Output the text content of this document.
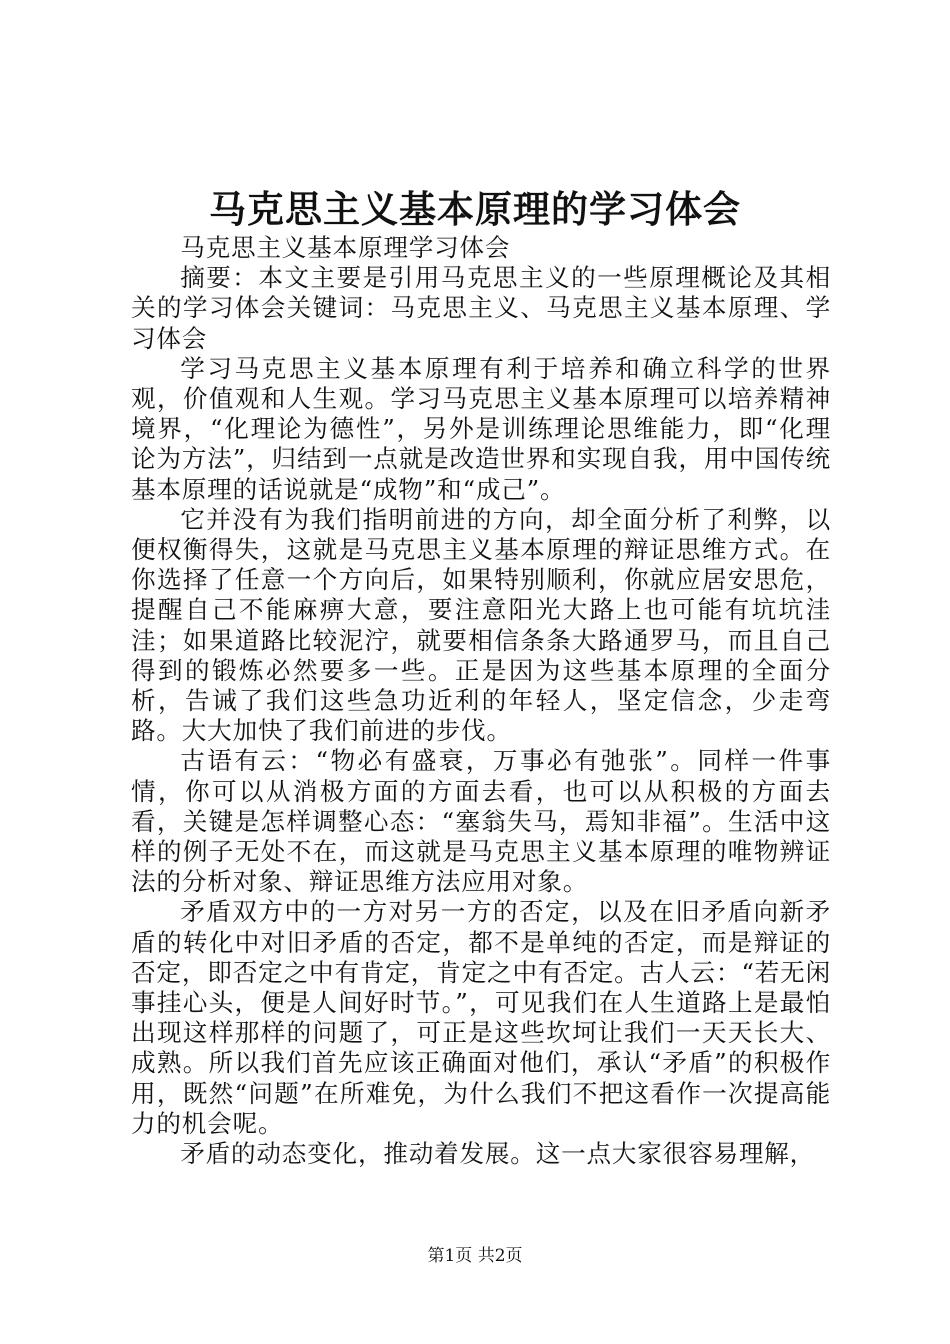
马克思主义基本原理的学习体会

马克思主义基本原理学习体会

摘要：本文主要是引用马克思主义的一些原理概论及其相关的学习体会关键词：马克思主义、马克思主义基本原理、学习体会

学习马克思主义基本原理有利于培养和确立科学的世界观，价值观和人生观。学习马克思主义基本原理可以培养精神境界，“化理论为德性”，另外是训练理论思维能力，即“化理论为方法”，归结到一点就是改造世界和实现自我，用中国传统基本原理的话说就是“成物”和“成己”。

它并没有为我们指明前进的方向，却全面分析了利弊，以便权衡得失，这就是马克思主义基本原理的辩证思维方式。在你选择了任意一个方向后，如果特别顺利，你就应居安思危，提醒自己不能麻痹大意，要注意阳光大路上也可能有坑坑洼洼；如果道路比较泥泞，就要相信条条大路通罗马，而且自己得到的锻炼必然要多一些。正是因为这些基本原理的全面分析，告诫了我们这些急功近利的年轻人，坚定信念，少走弯路。大大加快了我们前进的步伐。

古语有云：“物必有盛衰，万事必有弛张”。同样一件事情，你可以从消极方面的方面去看，也可以从积极的方面去看，关键是怎样调整心态：“塞翁失马，焉知非福”。生活中这样的例子无处不在，而这就是马克思主义基本原理的唯物辨证法的分析对象、辩证思维方法应用对象。

矛盾双方中的一方对另一方的否定，以及在旧矛盾向新矛盾的转化中对旧矛盾的否定，都不是单纯的否定，而是辩证的否定，即否定之中有肯定，肯定之中有否定。古人云：“若无闲事挂心头，便是人间好时节。”，可见我们在人生道路上是最怕出现这样那样的问题了，可正是这些坎坷让我们一天天长大、成熟。所以我们首先应该正确面对他们，承认“矛盾”的积极作用，既然“问题”在所难免，为什么我们不把这看作一次提高能力的机会呢。

矛盾的动态变化，推动着发展。这一点大家很容易理解，

第1页 共2页
